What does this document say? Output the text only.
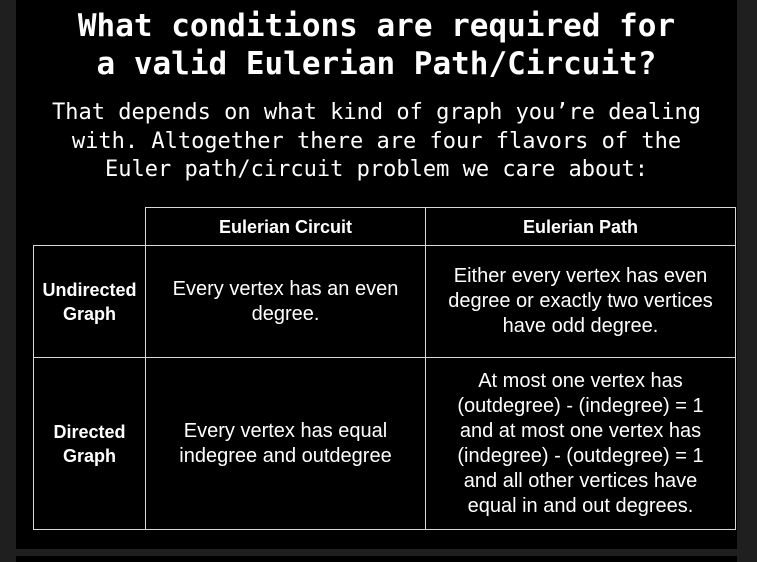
What conditions are required for
a valid Eulerian Path/Circuit?

That depends on what kind of graph you’re dealing
with. Altogether there are four flavors of the
Euler path/circuit problem we care about:

Eulerian Circuit	Eulerian Path
Undirected
Graph
Every vertex has an even
degree.
Either every vertex has even
degree or exactly two vertices
have odd degree.
Directed
Graph
Every vertex has equal
indegree and outdegree
At most one vertex has
(outdegree) - (indegree) = 1
and at most one vertex has
(indegree) - (outdegree) = 1
and all other vertices have
equal in and out degrees.
